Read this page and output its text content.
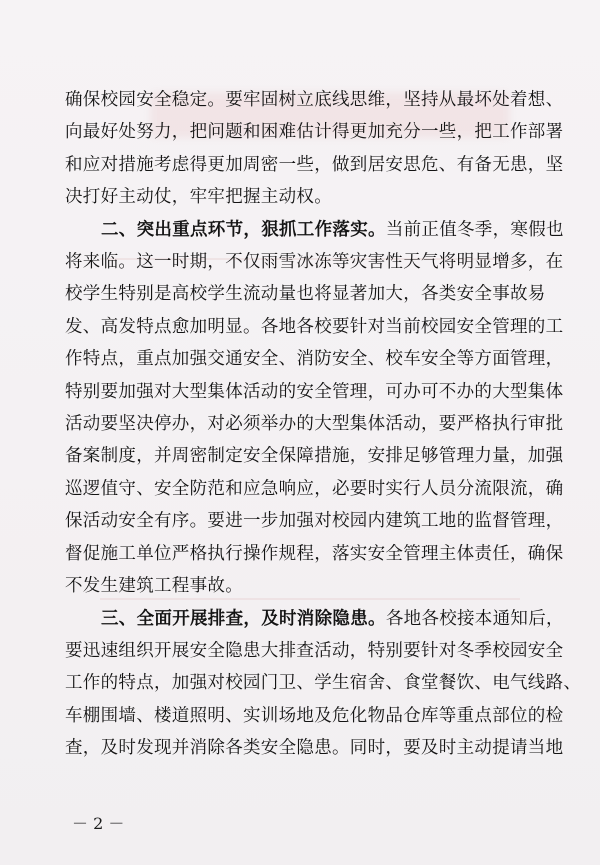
确保校园安全稳定。要牢固树立底线思维，坚持从最坏处着想、
向最好处努力，把问题和困难估计得更加充分一些，把工作部署
和应对措施考虑得更加周密一些，做到居安思危、有备无患，坚
决打好主动仗，牢牢把握主动权。
二、突出重点环节，狠抓工作落实。当前正值冬季，寒假也
将来临。这一时期，不仅雨雪冰冻等灾害性天气将明显增多，在
校学生特别是高校学生流动量也将显著加大，各类安全事故易
发、高发特点愈加明显。各地各校要针对当前校园安全管理的工
作特点，重点加强交通安全、消防安全、校车安全等方面管理，
特别要加强对大型集体活动的安全管理，可办可不办的大型集体
活动要坚决停办，对必须举办的大型集体活动，要严格执行审批
备案制度，并周密制定安全保障措施，安排足够管理力量，加强
巡逻值守、安全防范和应急响应，必要时实行人员分流限流，确
保活动安全有序。要进一步加强对校园内建筑工地的监督管理，
督促施工单位严格执行操作规程，落实安全管理主体责任，确保
不发生建筑工程事故。
三、全面开展排查，及时消除隐患。各地各校接本通知后，
要迅速组织开展安全隐患大排查活动，特别要针对冬季校园安全
工作的特点，加强对校园门卫、学生宿舍、食堂餐饮、电气线路、
车棚围墙、楼道照明、实训场地及危化物品仓库等重点部位的检
查，及时发现并消除各类安全隐患。同时，要及时主动提请当地
－ 2 －
